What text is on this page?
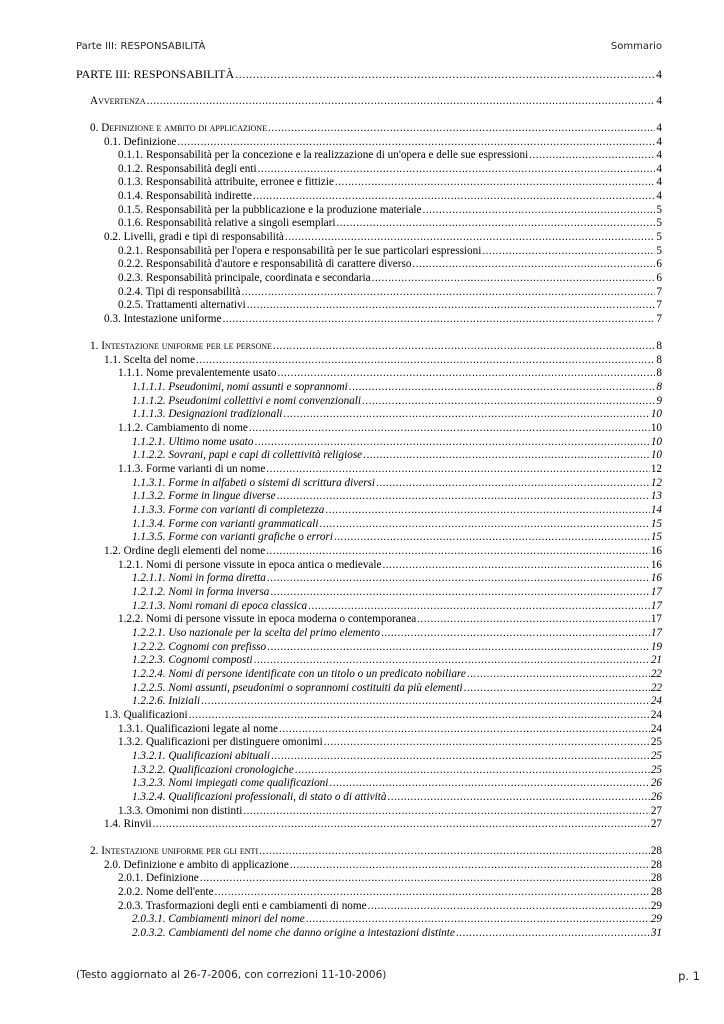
Parte III: RESPONSABILITÀ	Sommario
PARTE III: RESPONSABILITÀ .....	4
Avvertenza .....	4
0. Definizione e ambito di applicazione .....	4
0.1. Definizione .....	4
0.1.1. Responsabilità per la concezione e la realizzazione di un'opera e delle sue espressioni .....	4
0.1.2. Responsabilità degli enti .....	4
0.1.3. Responsabilità attribuite, erronee e fittizie .....	4
0.1.4. Responsabilità indirette .....	4
0.1.5. Responsabilità per la pubblicazione e la produzione materiale .....	5
0.1.6. Responsabilità relative a singoli esemplari .....	5
0.2. Livelli, gradi e tipi di responsabilità .....	5
0.2.1. Responsabilità per l'opera e responsabilità per le sue particolari espressioni .....	5
0.2.2. Responsabilità d'autore e responsabilità di carattere diverso .....	6
0.2.3. Responsabilità principale, coordinata e secondaria .....	6
0.2.4. Tipi di responsabilità .....	7
0.2.5. Trattamenti alternativi .....	7
0.3. Intestazione uniforme .....	7
1. Intestazione uniforme per le persone .....	8
1.1. Scelta del nome .....	8
1.1.1. Nome prevalentemente usato .....	8
1.1.1.1. Pseudonimi, nomi assunti e soprannomi .....	8
1.1.1.2. Pseudonimi collettivi e nomi convenzionali .....	9
1.1.1.3. Designazioni tradizionali .....	10
1.1.2. Cambiamento di nome .....	10
1.1.2.1. Ultimo nome usato .....	10
1.1.2.2. Sovrani, papi e capi di collettività religiose .....	10
1.1.3. Forme varianti di un nome .....	12
1.1.3.1. Forme in alfabeti o sistemi di scrittura diversi .....	12
1.1.3.2. Forme in lingue diverse .....	13
1.1.3.3. Forme con varianti di completezza .....	14
1.1.3.4. Forme con varianti grammaticali .....	15
1.1.3.5. Forme con varianti grafiche o errori .....	15
1.2. Ordine degli elementi del nome .....	16
1.2.1. Nomi di persone vissute in epoca antica o medievale .....	16
1.2.1.1. Nomi in forma diretta .....	16
1.2.1.2. Nomi in forma inversa .....	17
1.2.1.3. Nomi romani di epoca classica .....	17
1.2.2. Nomi di persone vissute in epoca moderna o contemporanea .....	17
1.2.2.1. Uso nazionale per la scelta del primo elemento .....	17
1.2.2.2. Cognomi con prefisso .....	19
1.2.2.3. Cognomi composti .....	21
1.2.2.4. Nomi di persone identificate con un titolo o un predicato nobiliare .....	22
1.2.2.5. Nomi assunti, pseudonimi o soprannomi costituiti da più elementi .....	22
1.2.2.6. Iniziali .....	24
1.3. Qualificazioni .....	24
1.3.1. Qualificazioni legate al nome .....	24
1.3.2. Qualificazioni per distinguere omonimi .....	25
1.3.2.1. Qualificazioni abituali .....	25
1.3.2.2. Qualificazioni cronologiche .....	25
1.3.2.3. Nomi impiegati come qualificazioni .....	26
1.3.2.4. Qualificazioni professionali, di stato o di attività .....	26
1.3.3. Omonimi non distinti .....	27
1.4. Rinvii .....	27
2. Intestazione uniforme per gli enti .....	28
2.0. Definizione e ambito di applicazione .....	28
2.0.1. Definizione .....	28
2.0.2. Nome dell'ente .....	28
2.0.3. Trasformazioni degli enti e cambiamenti di nome .....	29
2.0.3.1. Cambiamenti minori del nome .....	29
2.0.3.2. Cambiamenti del nome che danno origine a intestazioni distinte .....	31
(Testo aggiornato al 26-7-2006, con correzioni 11-10-2006)	p. 1
